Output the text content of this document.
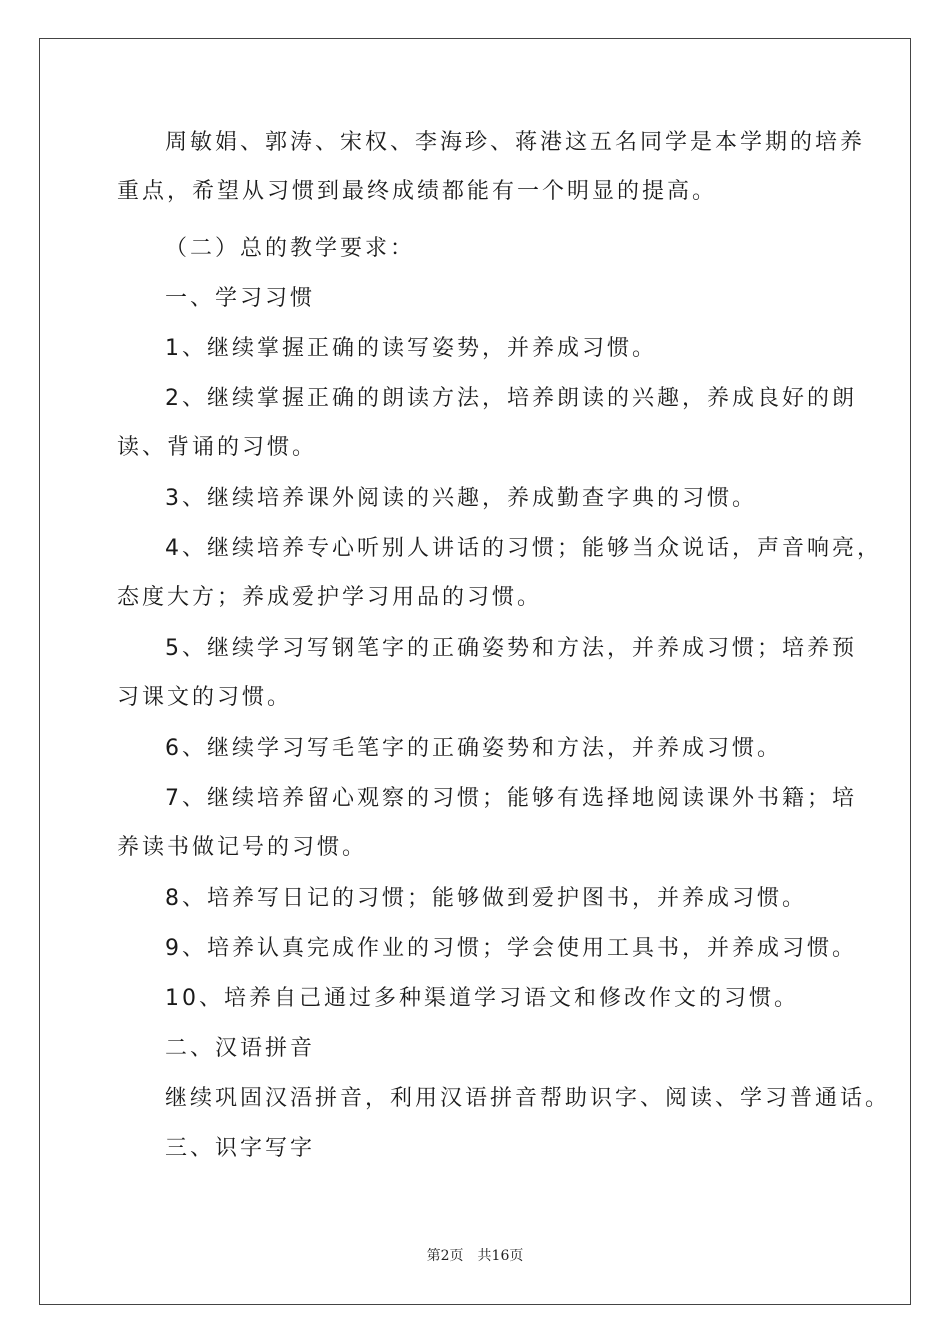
周敏娟、郭涛、宋权、李海珍、蒋港这五名同学是本学期的培养
重点，希望从习惯到最终成绩都能有一个明显的提高。
（二）总的教学要求：
一、学习习惯
1、继续掌握正确的读写姿势，并养成习惯。
2、继续掌握正确的朗读方法，培养朗读的兴趣，养成良好的朗
读、背诵的习惯。
3、继续培养课外阅读的兴趣，养成勤查字典的习惯。
4、继续培养专心听别人讲话的习惯；能够当众说话，声音响亮，
态度大方；养成爱护学习用品的习惯。
5、继续学习写钢笔字的正确姿势和方法，并养成习惯；培养预
习课文的习惯。
6、继续学习写毛笔字的正确姿势和方法，并养成习惯。
7、继续培养留心观察的习惯；能够有选择地阅读课外书籍；培
养读书做记号的习惯。
8、培养写日记的习惯；能够做到爱护图书，并养成习惯。
9、培养认真完成作业的习惯；学会使用工具书，并养成习惯。
10、培养自己通过多种渠道学习语文和修改作文的习惯。
二、汉语拼音
继续巩固汉浯拼音，利用汉语拼音帮助识字、阅读、学习普通话。
三、识字写字
第2页 共16页
